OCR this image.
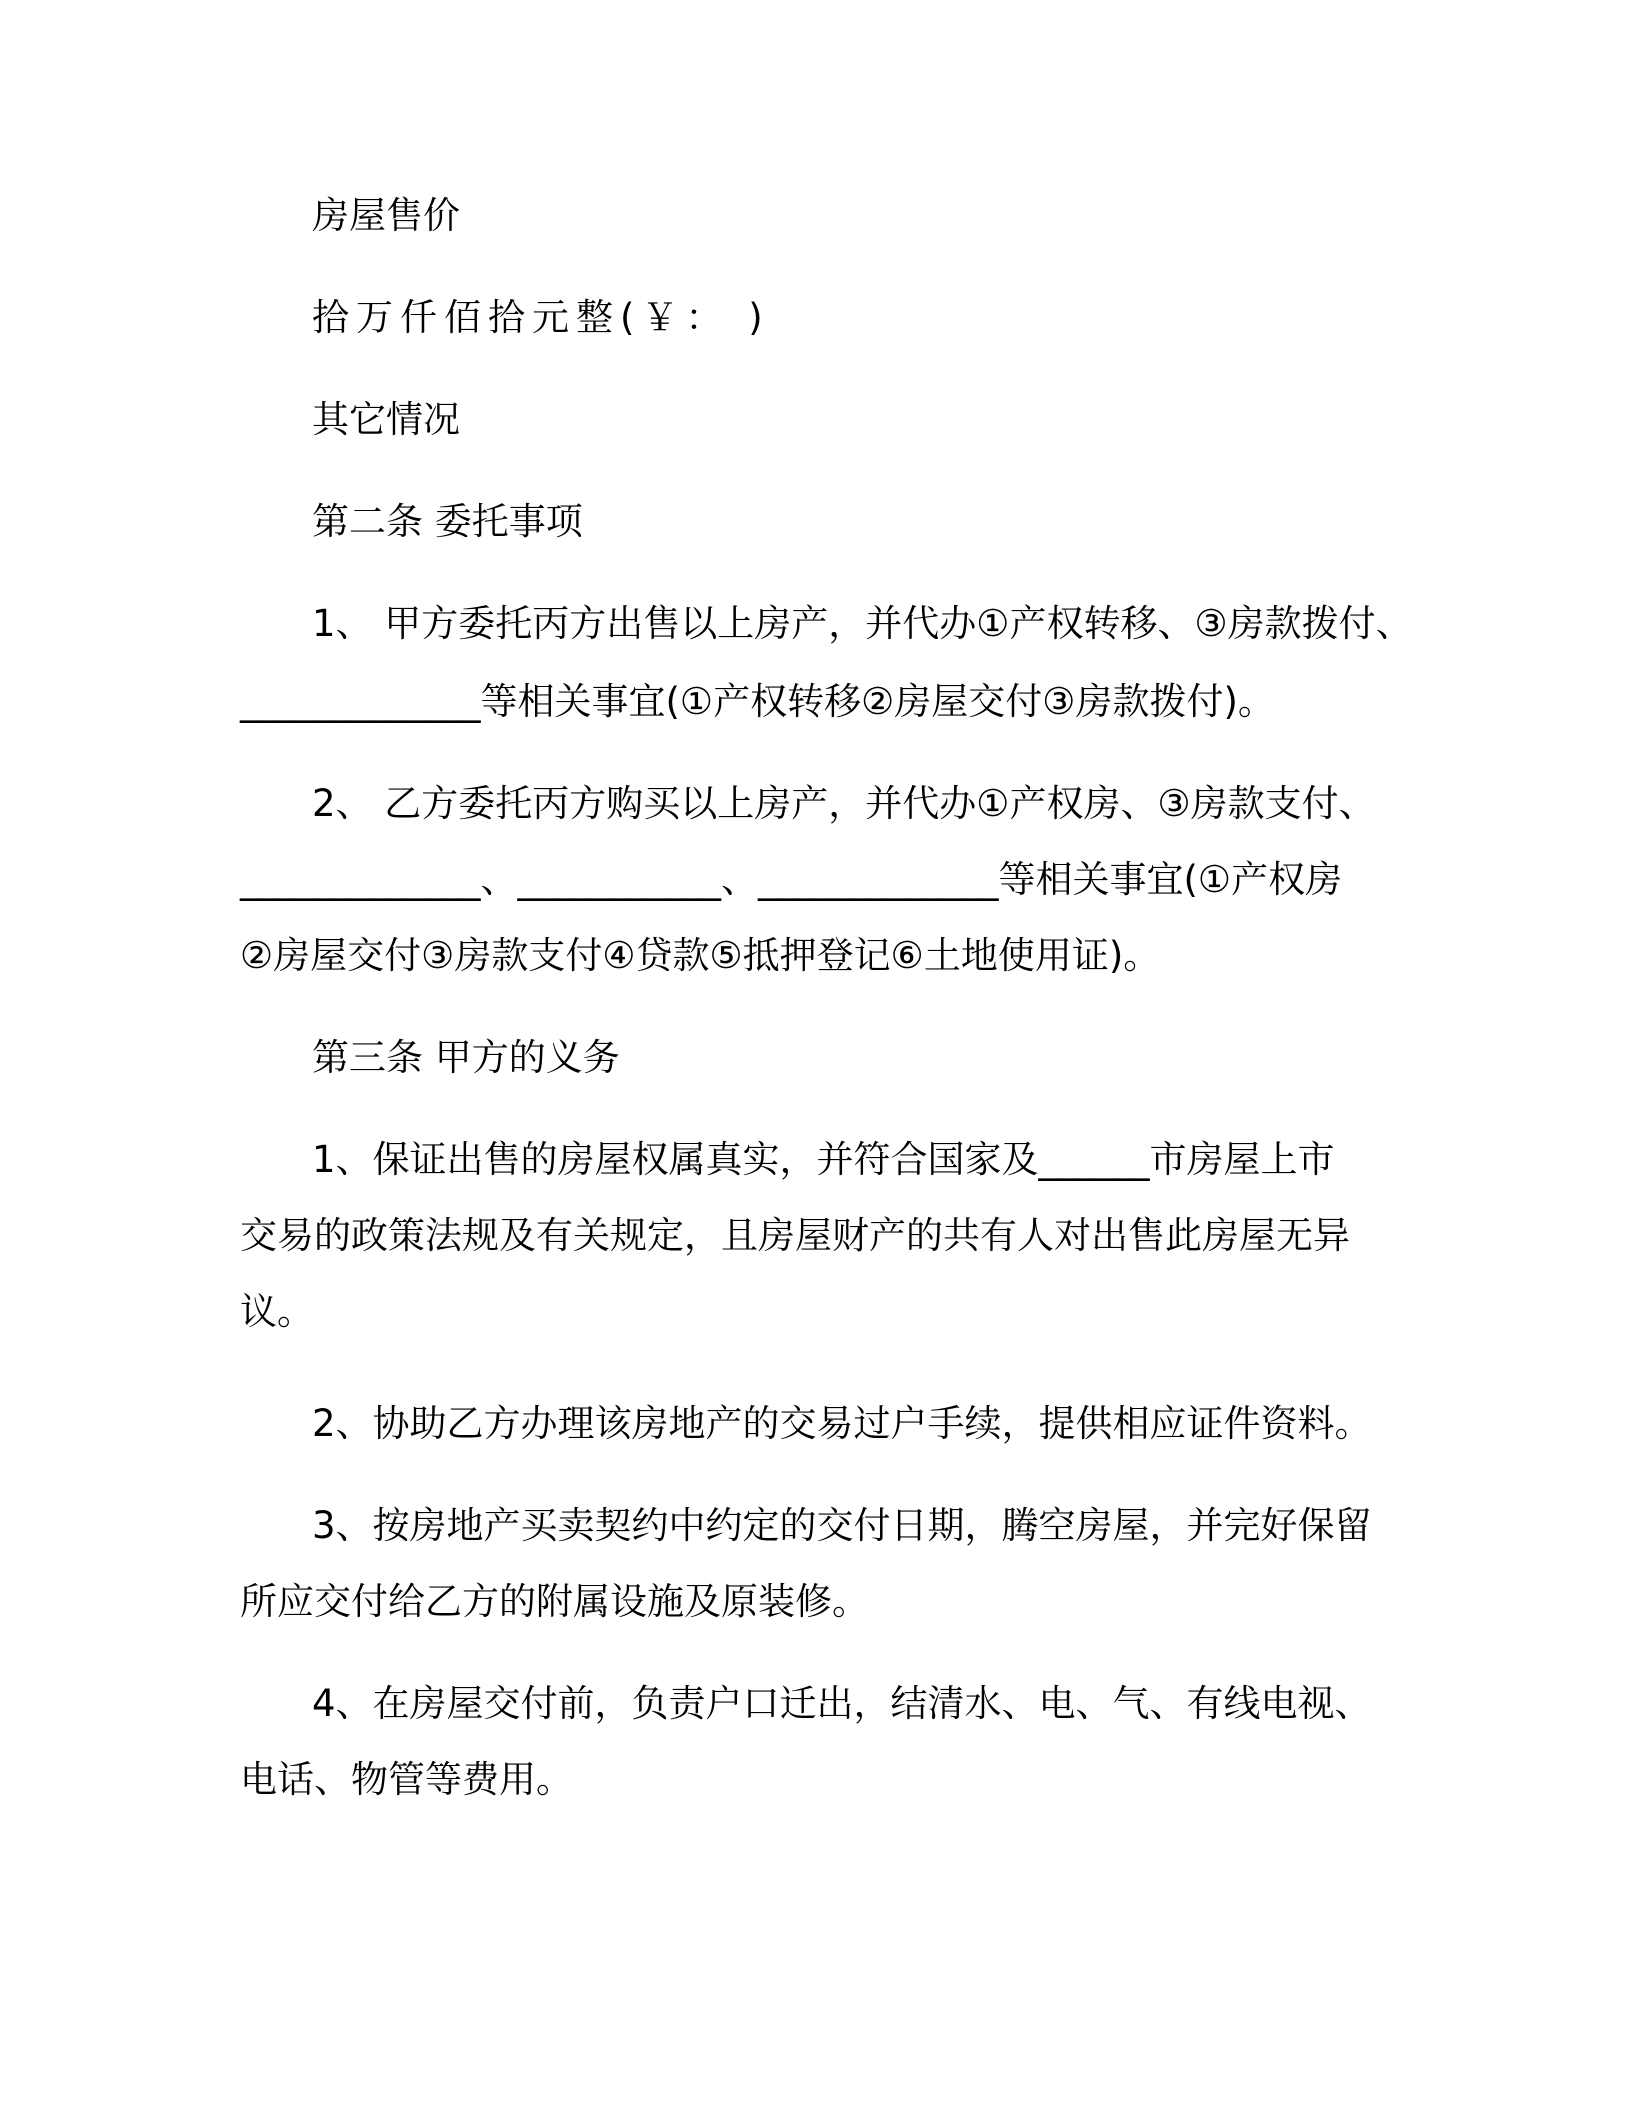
房屋售价
拾万仟佰拾元整(￥： )
其它情况
第二条 委托事项
1、 甲方委托丙方出售以上房产，并代办①产权转移、③房款拨付、
_____________等相关事宜(①产权转移②房屋交付③房款拨付)。
2、 乙方委托丙方购买以上房产，并代办①产权房、③房款支付、
_____________、___________、_____________等相关事宜(①产权房
②房屋交付③房款支付④贷款⑤抵押登记⑥土地使用证)。
第三条 甲方的义务
1、保证出售的房屋权属真实，并符合国家及______市房屋上市
交易的政策法规及有关规定，且房屋财产的共有人对出售此房屋无异
议。
2、协助乙方办理该房地产的交易过户手续，提供相应证件资料。
3、按房地产买卖契约中约定的交付日期，腾空房屋，并完好保留
所应交付给乙方的附属设施及原装修。
4、在房屋交付前，负责户口迁出，结清水、电、气、有线电视、
电话、物管等费用。
